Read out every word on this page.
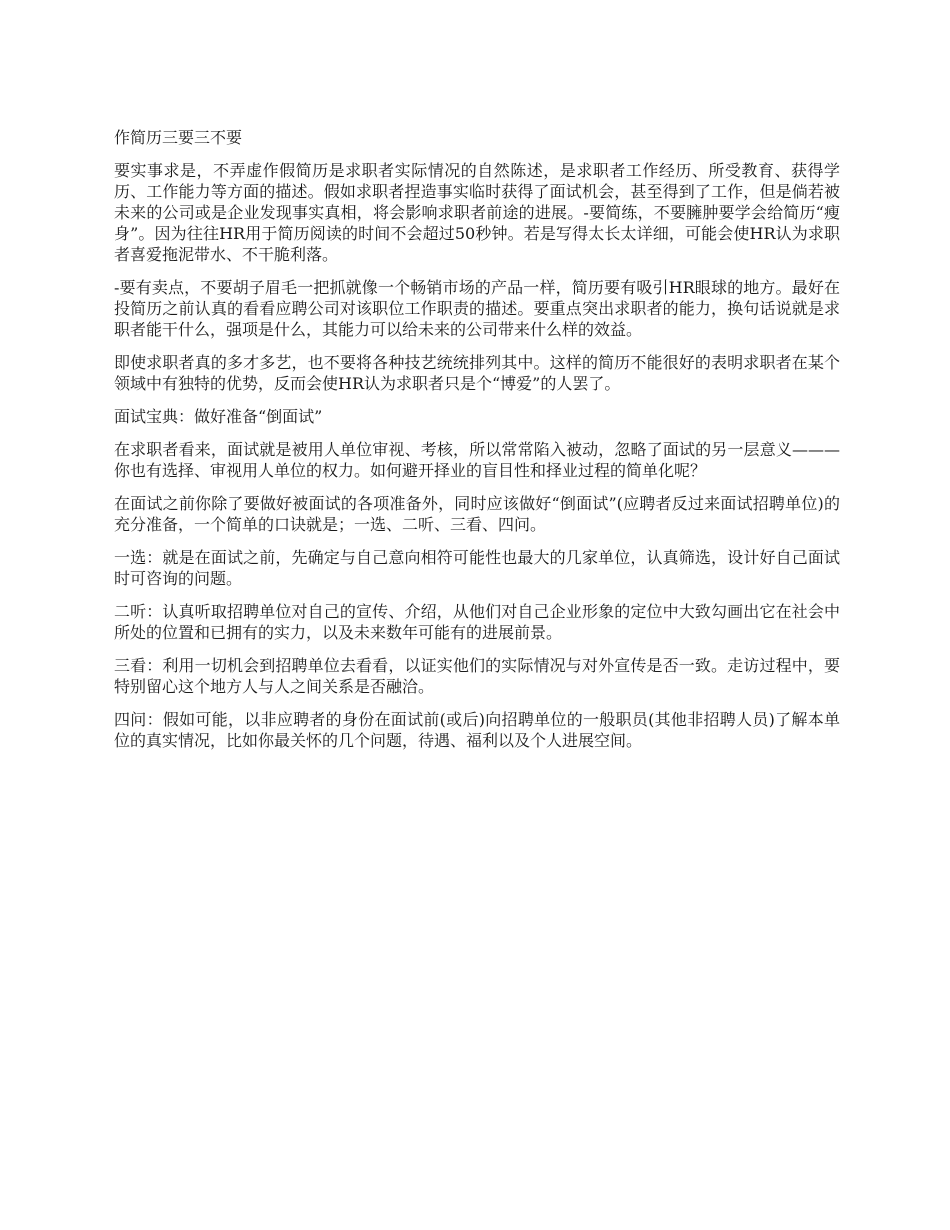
作简历三要三不要

要实事求是，不弄虚作假简历是求职者实际情况的自然陈述，是求职者工作经历、所受教育、获得学历、工作能力等方面的描述。假如求职者捏造事实临时获得了面试机会，甚至得到了工作，但是倘若被未来的公司或是企业发现事实真相，将会影响求职者前途的进展。-要简练，不要臃肿要学会给简历“瘦身”。因为往往HR用于简历阅读的时间不会超过50秒钟。若是写得太长太详细，可能会使HR认为求职者喜爱拖泥带水、不干脆利落。

-要有卖点，不要胡子眉毛一把抓就像一个畅销市场的产品一样，简历要有吸引HR眼球的地方。最好在投简历之前认真的看看应聘公司对该职位工作职责的描述。要重点突出求职者的能力，换句话说就是求职者能干什么，强项是什么，其能力可以给未来的公司带来什么样的效益。

即使求职者真的多才多艺，也不要将各种技艺统统排列其中。这样的简历不能很好的表明求职者在某个领域中有独特的优势，反而会使HR认为求职者只是个“博爱”的人罢了。

面试宝典：做好准备“倒面试”

在求职者看来，面试就是被用人单位审视、考核，所以常常陷入被动，忽略了面试的另一层意义———你也有选择、审视用人单位的权力。如何避开择业的盲目性和择业过程的简单化呢？

在面试之前你除了要做好被面试的各项准备外，同时应该做好“倒面试”(应聘者反过来面试招聘单位)的充分准备，一个简单的口诀就是；一选、二听、三看、四问。

一选：就是在面试之前，先确定与自己意向相符可能性也最大的几家单位，认真筛选，设计好自己面试时可咨询的问题。

二听：认真听取招聘单位对自己的宣传、介绍，从他们对自己企业形象的定位中大致勾画出它在社会中所处的位置和已拥有的实力，以及未来数年可能有的进展前景。

三看：利用一切机会到招聘单位去看看，以证实他们的实际情况与对外宣传是否一致。走访过程中，要特别留心这个地方人与人之间关系是否融洽。

四问：假如可能，以非应聘者的身份在面试前(或后)向招聘单位的一般职员(其他非招聘人员)了解本单位的真实情况，比如你最关怀的几个问题，待遇、福利以及个人进展空间。
